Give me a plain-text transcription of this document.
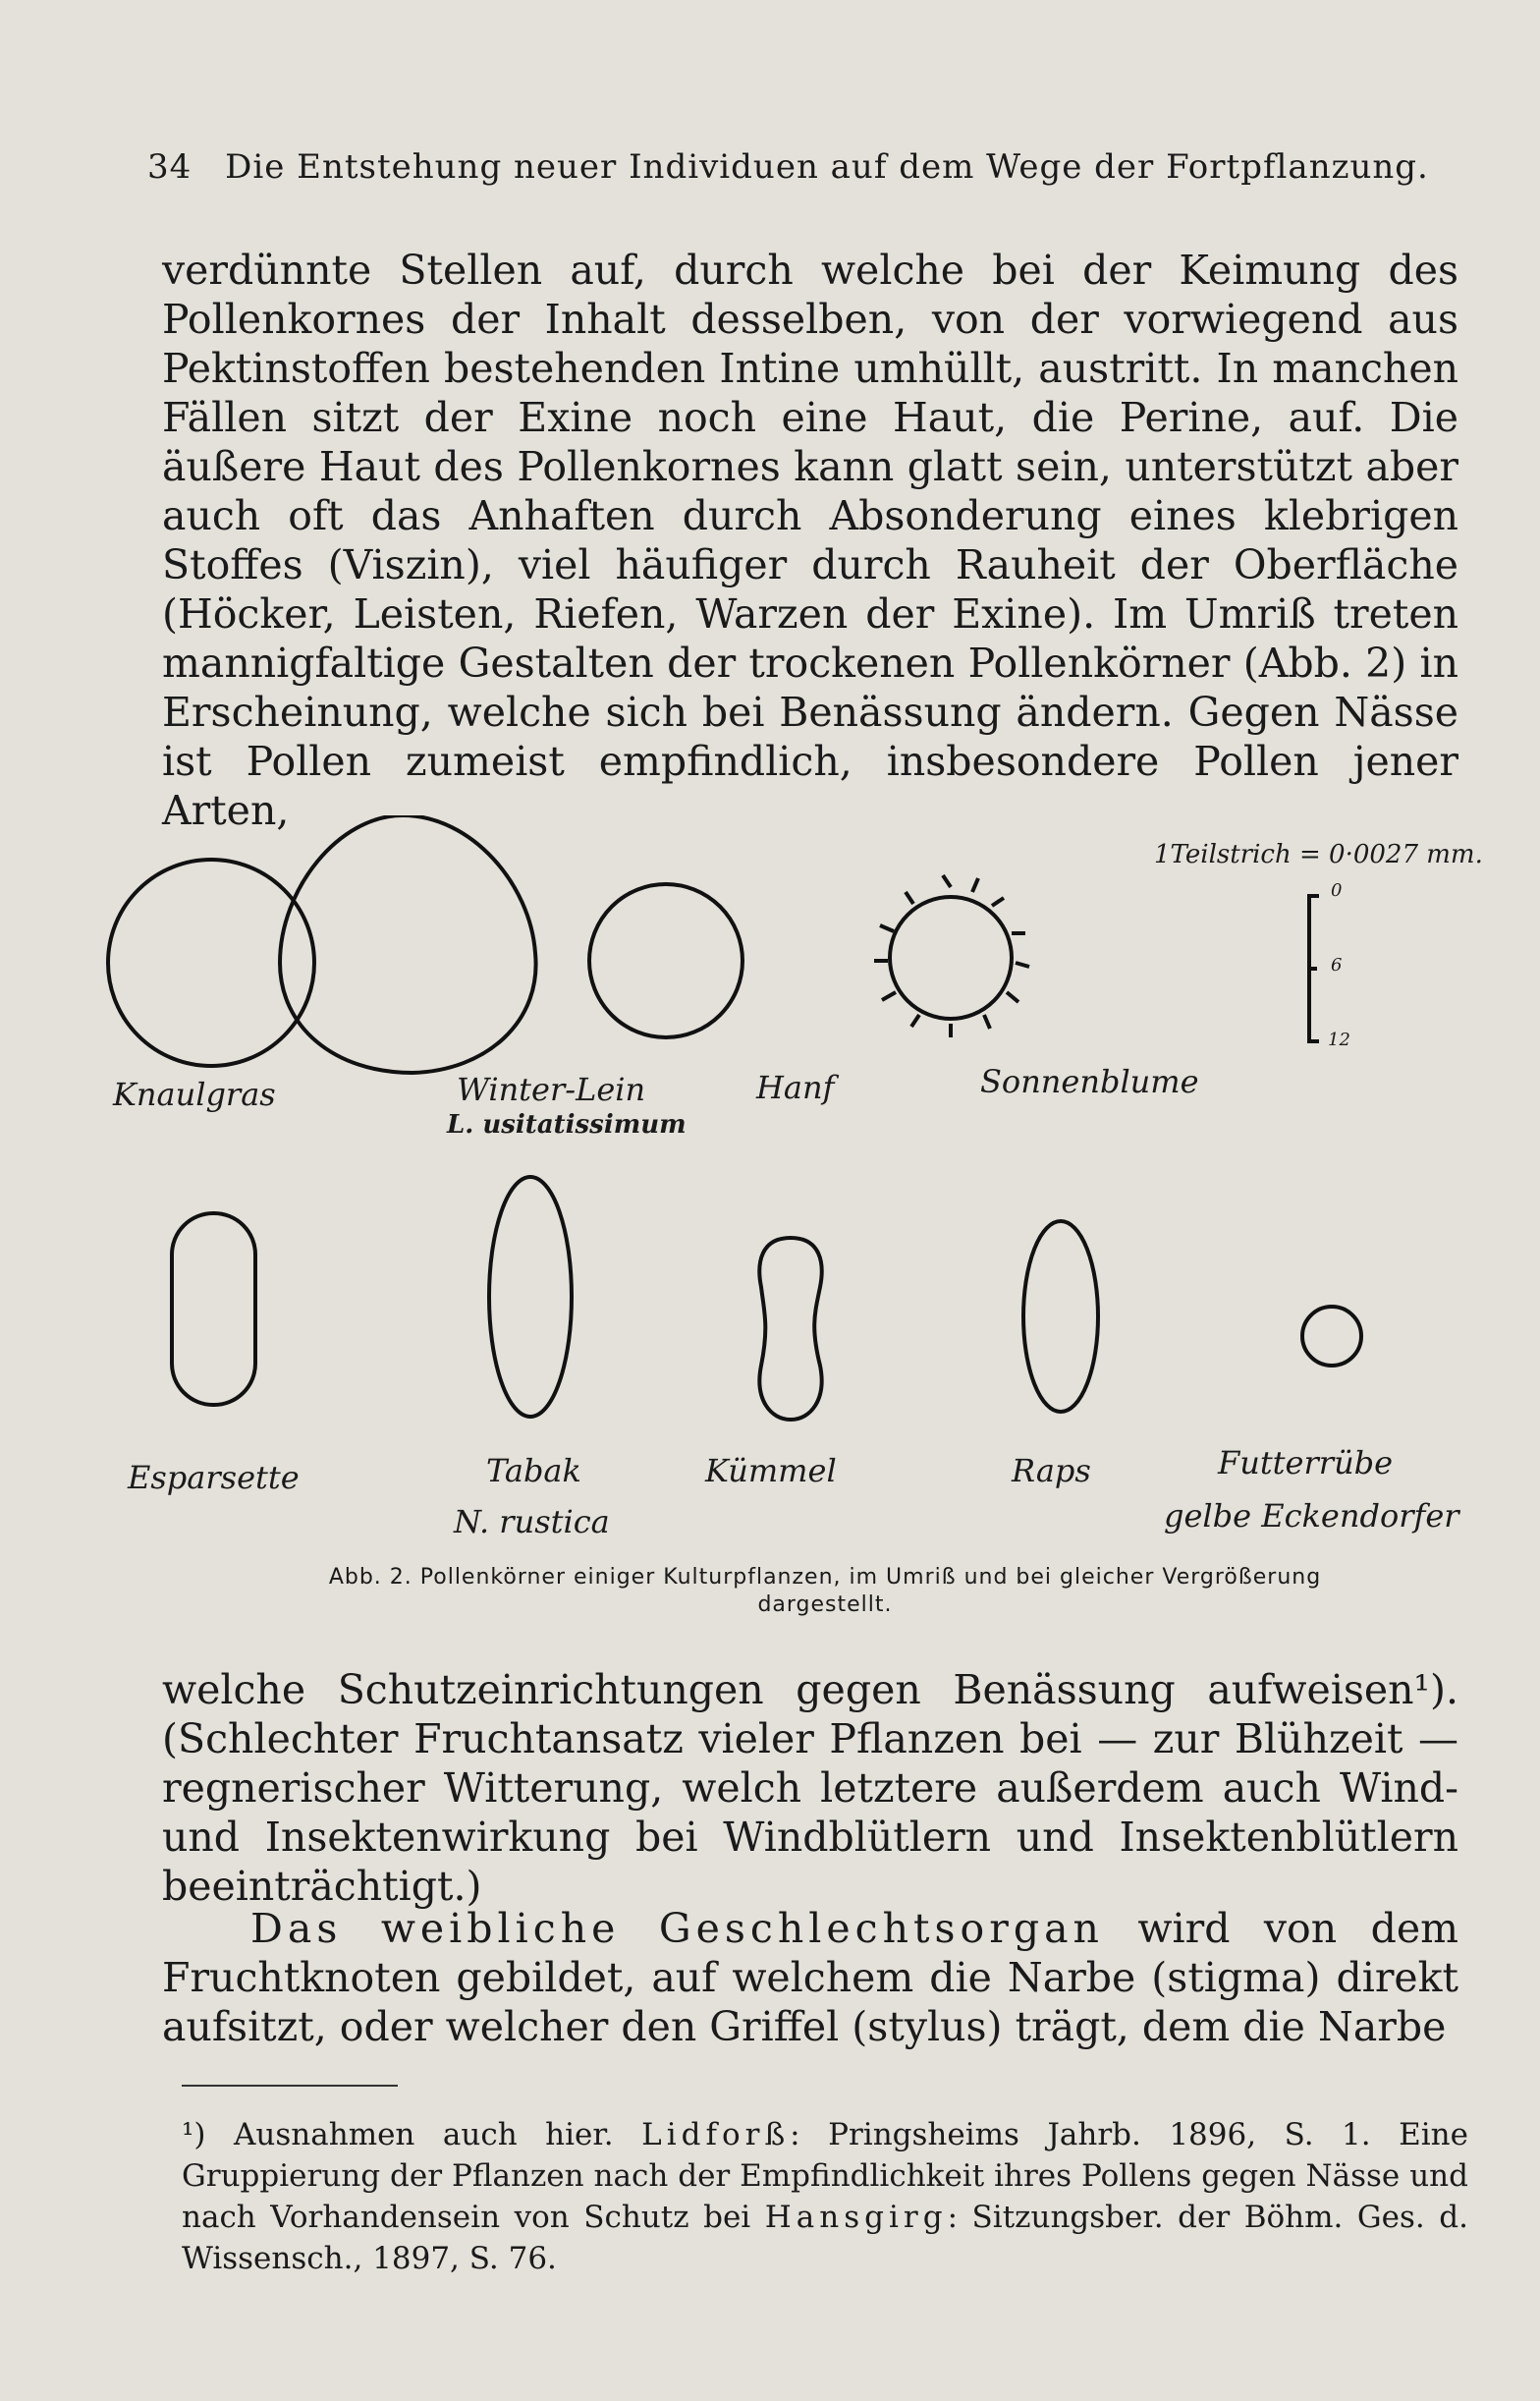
34 Die Entstehung neuer Individuen auf dem Wege der Fortpflanzung.

verdünnte Stellen auf, durch welche bei der Keimung des Pollenkornes der Inhalt desselben, von der vorwiegend aus Pektinstoffen bestehenden Intine umhüllt, austritt. In manchen Fällen sitzt der Exine noch eine Haut, die Perine, auf. Die äußere Haut des Pollenkornes kann glatt sein, unterstützt aber auch oft das Anhaften durch Absonderung eines klebrigen Stoffes (Viszin), viel häufiger durch Rauheit der Oberfläche (Höcker, Leisten, Riefen, Warzen der Exine). Im Umriß treten mannigfaltige Gestalten der trockenen Pollenkörner (Abb. 2) in Erscheinung, welche sich bei Benässung ändern. Gegen Nässe ist Pollen zumeist empfindlich, insbesondere Pollen jener Arten,

1Teilstrich = 0·0027 mm.
0
6
12
Knaulgras	Winter-Lein
L. usitatissimum
Hanf	Sonnenblume
Esparsette	Tabak
N. rustica
Kümmel	Raps	Futterrübe
gelbe Eckendorfer
Abb. 2. Pollenkörner einiger Kulturpflanzen, im Umriß und bei gleicher Vergrößerung
dargestellt.

welche Schutzeinrichtungen gegen Benässung aufweisen¹). (Schlechter Fruchtansatz vieler Pflanzen bei — zur Blühzeit — regnerischer Witterung, welch letztere außerdem auch Wind- und Insektenwirkung bei Windblütlern und Insektenblütlern beeinträchtigt.)

Das weibliche Geschlechtsorgan wird von dem Fruchtknoten gebildet, auf welchem die Narbe (stigma) direkt aufsitzt, oder welcher den Griffel (stylus) trägt, dem die Narbe

¹) Ausnahmen auch hier. Lidforß: Pringsheims Jahrb. 1896, S. 1. Eine Gruppierung der Pflanzen nach der Empfindlichkeit ihres Pollens gegen Nässe und nach Vorhandensein von Schutz bei Hansgirg: Sitzungsber. der Böhm. Ges. d. Wissensch., 1897, S. 76.
